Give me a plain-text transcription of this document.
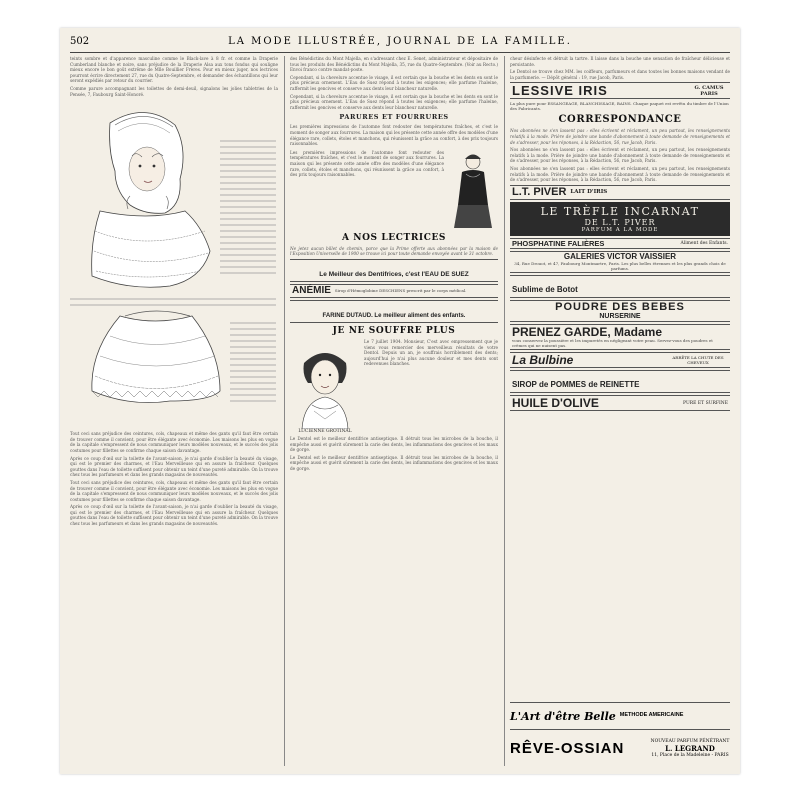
502	LA MODE ILLUSTRÉE, JOURNAL DE LA FAMILLE.
teints sombre et d'apparence masculine comme le Black-lave à 8 fr. et comme la Draperie Cumberland blanche et noire, sans préjudice de la Draperie Alsa aux tons fondus qui souligne mieux encore le bon goût extrême de Mlle Bouillier Frères. Pour en mieux juger, nos lectrices pourront écrire directement 27, rue du Quatre-Septembre, et demander des échantillons qui leur seront expédiés par retour du courrier.
Comme parure accompagnant les toilettes de demi-deuil, signalons les jolies tabletries de la Pensée, 7, Faubourg Saint-Honoré.
Tout ceci sans préjudice des ceintures, cols, chapeaux et même des gants qu'il faut être certain de trouver comme il convient, pour être élégante avec économie. Les maisons les plus en vogue de la capitale s'empressent de nous communiquer leurs modèles nouveaux, et le succès des jolis costumes pour fillettes se confirme chaque saison davantage.
Après ce coup d'œil sur la toilette de l'avant-saison, je n'ai garde d'oublier la beauté du visage, qui est le premier des charmes, et l'Eau Merveilleuse qui en assure la fraîcheur. Quelques gouttes dans l'eau de toilette suffisent pour obtenir un teint d'une pureté admirable. On la trouve chez tous les parfumeurs et dans les grands magasins de nouveautés.
Tout ceci sans préjudice des ceintures, cols, chapeaux et même des gants qu'il faut être certain de trouver comme il convient, pour être élégante avec économie. Les maisons les plus en vogue de la capitale s'empressent de nous communiquer leurs modèles nouveaux, et le succès des jolis costumes pour fillettes se confirme chaque saison davantage.
Après ce coup d'œil sur la toilette de l'avant-saison, je n'ai garde d'oublier la beauté du visage, qui est le premier des charmes, et l'Eau Merveilleuse qui en assure la fraîcheur. Quelques gouttes dans l'eau de toilette suffisent pour obtenir un teint d'une pureté admirable. On la trouve chez tous les parfumeurs et dans les grands magasins de nouveautés.
des Bénédictins du Mont Majella, en s'adressant chez E. Senet, administrateur et dépositaire de tous les produits des Bénédictins du Mont Majella, 35, rue du Quatre-Septembre. (Voir au Recto.) Envoi franco contre mandat-poste.
Cependant, si la chevelure accentue le visage, il est certain que la bouche et les dents en sont le plus précieux ornement. L'Eau de Suez répond à toutes les exigences; elle parfume l'haleine, raffermit les gencives et conserve aux dents leur blancheur naturelle.
Cependant, si la chevelure accentue le visage, il est certain que la bouche et les dents en sont le plus précieux ornement. L'Eau de Suez répond à toutes les exigences; elle parfume l'haleine, raffermit les gencives et conserve aux dents leur blancheur naturelle.
PARURES ET FOURRURES
Les premières impressions de l'automne font redouter des températures fraîches, et c'est le moment de songer aux fourrures. La maison qui les présente cette année offre des modèles d'une élégance rare, collets, étoles et manchons, qui réunissent la grâce au confort, à des prix toujours raisonnables.
Les premières impressions de l'automne font redouter des températures fraîches, et c'est le moment de songer aux fourrures. La maison qui les présente cette année offre des modèles d'une élégance rare, collets, étoles et manchons, qui réunissent la grâce au confort, à des prix toujours raisonnables.
A NOS LECTRICES
Ne jetez aucun billet de chemin, parce que la Prime offerte aux abonnées par la maison de l'Exposition Universelle de 1900 se trouve ici pour toute demande envoyée avant le 31 octobre.
Le Meilleur des Dentifrices, c'est l'EAU DE SUEZ
ANÉMIE Sirop d'Hémoglobine DESCHIENS prescrit par le corps médical.
FARINE DUTAUD. Le meilleur aliment des enfants.
JE NE SOUFFRE PLUS
LUCIENNE GROTINAL
Le 7 juillet 1904. Monsieur, C'est avec empressement que je viens vous remercier des merveilleux résultats de votre Dentol. Depuis un an, je souffrais horriblement des dents; aujourd'hui je n'ai plus aucune douleur et mes dents sont redevenues blanches.
Le Dentol est le meilleur dentifrice antiseptique. Il détruit tous les microbes de la bouche, il empêche aussi et guérit sûrement la carie des dents, les inflammations des gencives et les maux de gorge.
Le Dentol est le meilleur dentifrice antiseptique. Il détruit tous les microbes de la bouche, il empêche aussi et guérit sûrement la carie des dents, les inflammations des gencives et les maux de gorge.
cheur désinfecte et détruit la tartre. Il laisse dans la bouche une sensation de fraîcheur délicieuse et persistante.
Le Dentol se trouve chez MM. les coiffeurs, parfumeurs et dans toutes les bonnes maisons vendant de la parfumerie. — Dépôt général : 19, rue Jacob, Paris.
LESSIVE IRIS	G. CAMUS PARIS
La plus pure pour ESSANGEAGE, BLANCHISSAGE, BAINS. Chaque paquet est revêtu du timbre de l'Union des Fabricants.
CORRESPONDANCE
Nos abonnées ne s'en lassent pas : elles écrivent et réclament, un peu partout, les renseignements relatifs à la mode. Prière de joindre une bande d'abonnement à toute demande de renseignements et de s'adresser, pour les réponses, à la Rédaction, 56, rue Jacob, Paris.
Nos abonnées ne s'en lassent pas : elles écrivent et réclament, un peu partout, les renseignements relatifs à la mode. Prière de joindre une bande d'abonnement à toute demande de renseignements et de s'adresser, pour les réponses, à la Rédaction, 56, rue Jacob, Paris.
Nos abonnées ne s'en lassent pas : elles écrivent et réclament, un peu partout, les renseignements relatifs à la mode. Prière de joindre une bande d'abonnement à toute demande de renseignements et de s'adresser, pour les réponses, à la Rédaction, 56, rue Jacob, Paris.
L.T. PIVER LAIT D'IRIS
LE TRÈFLE INCARNAT
DE L.T. PIVER
PARFUM A LA MODE
PHOSPHATINE FALIÈRES	Aliment des Enfants.
GALERIES VICTOR VAISSIER
34, Rue Drouot, et 47, Faubourg Montmartre, Paris. Les plus belles étrennes et les plus grands chois de parfums.
Sublime de Botot
POUDRE DES BEBES
NURSERINE
PRENEZ GARDE, Madame
vous conservez la poussière et les impuretés en négligeant votre peau. Servez-vous des poudres et crèmes qui ne nuisent pas.
La Bulbine	ARRÊTE LA CHUTE DES CHEVEUX
SIROP de POMMES de REINETTE
HUILE D'OLIVE	PURE ET SURFINE
L'Art d'être Belle METHODE AMERICAINE
RÊVE-OSSIAN	NOUVEAU PARFUM PÉNÉTRANT
L. LEGRAND
11, Place de la Madeleine - PARIS
